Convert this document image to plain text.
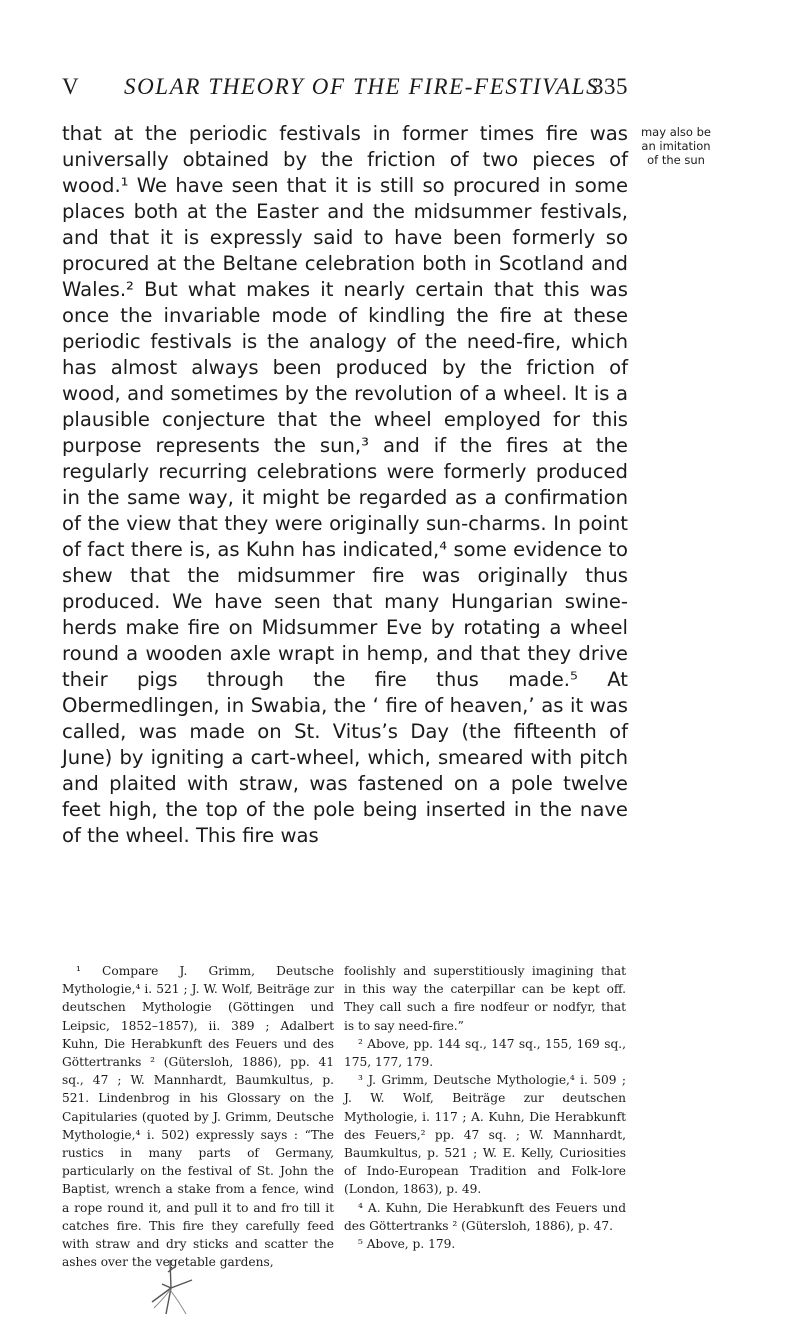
V SOLAR THEORY OF THE FIRE-FESTIVALS
335

that at the periodic festivals in former times fire was universally obtained by the friction of two pieces of wood.¹ We have seen that it is still so procured in some places both at the Easter and the midsummer festivals, and that it is expressly said to have been formerly so procured at the Beltane celebration both in Scotland and Wales.² But what makes it nearly certain that this was once the invariable mode of kindling the fire at these periodic festivals is the analogy of the need-fire, which has almost always been produced by the friction of wood, and sometimes by the revolution of a wheel. It is a plausible conjecture that the wheel employed for this purpose represents the sun,³ and if the fires at the regularly recurring celebrations were formerly produced in the same way, it might be regarded as a confirmation of the view that they were originally sun-charms. In point of fact there is, as Kuhn has indicated,⁴ some evidence to shew that the midsummer fire was originally thus produced. We have seen that many Hungarian swine-herds make fire on Midsummer Eve by rotating a wheel round a wooden axle wrapt in hemp, and that they drive their pigs through the fire thus made.⁵ At Obermedlingen, in Swabia, the ‘ fire of heaven,’ as it was called, was made on St. Vitus’s Day (the fifteenth of June) by igniting a cart-wheel, which, smeared with pitch and plaited with straw, was fastened on a pole twelve feet high, the top of the pole being inserted in the nave of the wheel. This fire was

may also be an imitation of the sun

¹ Compare J. Grimm, Deutsche Mythologie,⁴ i. 521 ; J. W. Wolf, Beiträge zur deutschen Mythologie (Göttingen und Leipsic, 1852–1857), ii. 389 ; Adalbert Kuhn, Die Herabkunft des Feuers und des Göttertranks ² (Gütersloh, 1886), pp. 41 sq., 47 ; W. Mannhardt, Baumkultus, p. 521. Lindenbrog in his Glossary on the Capitularies (quoted by J. Grimm, Deutsche Mythologie,⁴ i. 502) expressly says : “The rustics in many parts of Germany, particularly on the festival of St. John the Baptist, wrench a stake from a fence, wind a rope round it, and pull it to and fro till it catches fire. This fire they carefully feed with straw and dry sticks and scatter the ashes over the vegetable gardens,

foolishly and superstitiously imagining that in this way the caterpillar can be kept off. They call such a fire nodfeur or nodfyr, that is to say need-fire.”

² Above, pp. 144 sq., 147 sq., 155, 169 sq., 175, 177, 179.

³ J. Grimm, Deutsche Mythologie,⁴ i. 509 ; J. W. Wolf, Beiträge zur deutschen Mythologie, i. 117 ; A. Kuhn, Die Herabkunft des Feuers,² pp. 47 sq. ; W. Mannhardt, Baumkultus, p. 521 ; W. E. Kelly, Curiosities of Indo-European Tradition and Folk-lore (London, 1863), p. 49.

⁴ A. Kuhn, Die Herabkunft des Feuers und des Göttertranks ² (Gütersloh, 1886), p. 47.

⁵ Above, p. 179.
